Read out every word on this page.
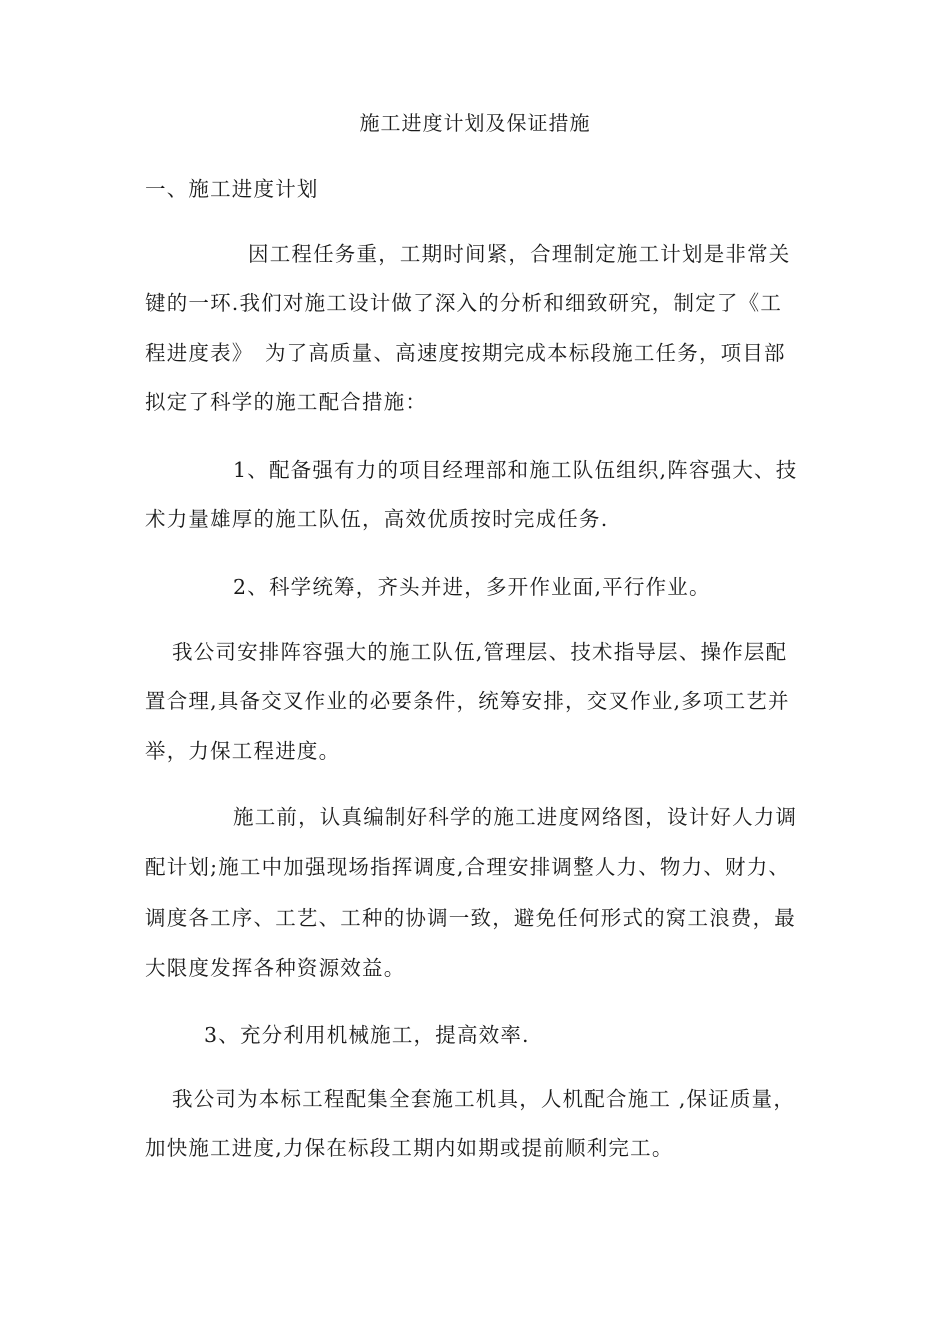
施工进度计划及保证措施
一、施工进度计划
因工程任务重，工期时间紧，合理制定施工计划是非常关
键的一环.我们对施工设计做了深入的分析和细致研究，制定了《工
程进度表》　为了高质量、高速度按期完成本标段施工任务，项目部
拟定了科学的施工配合措施：
1、配备强有力的项目经理部和施工队伍组织,阵容强大、技
术力量雄厚的施工队伍，高效优质按时完成任务.
2、科学统筹，齐头并进，多开作业面,平行作业。
我公司安排阵容强大的施工队伍,管理层、技术指导层、操作层配
置合理,具备交叉作业的必要条件，统筹安排，交叉作业,多项工艺并
举，力保工程进度。
施工前，认真编制好科学的施工进度网络图，设计好人力调
配计划;施工中加强现场指挥调度,合理安排调整人力、物力、财力、
调度各工序、工艺、工种的协调一致，避免任何形式的窝工浪费，最
大限度发挥各种资源效益。
3、充分利用机械施工，提高效率.
我公司为本标工程配集全套施工机具，人机配合施工 ,保证质量，
加快施工进度,力保在标段工期内如期或提前顺利完工。
